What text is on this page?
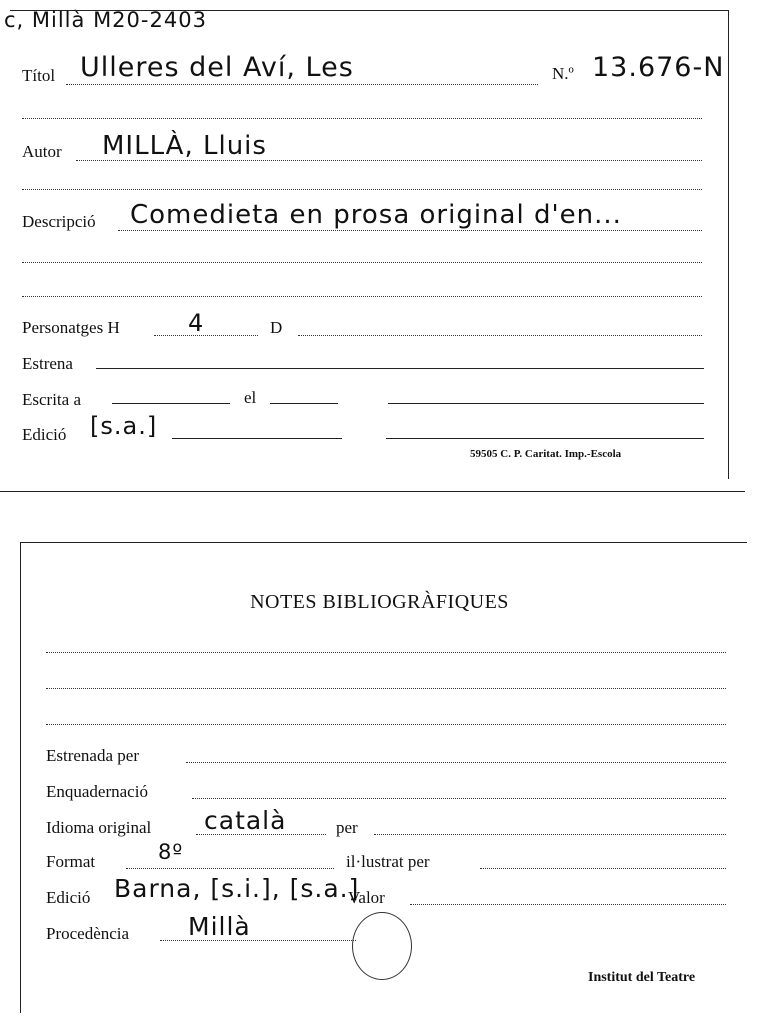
c, Millà M20-2403
Títol Ulleres del Aví, Les	N.º 13.676-N
Autor MILLÀ, Lluis
Descripció Comedieta en prosa original d'en...
Personatges H	4	D
Estrena
Escrita a	el
Edició [s.a.]
59505 C. P. Caritat. Imp.-Escola
NOTES BIBLIOGRÀFIQUES
Estrenada per
Enquadernació
Idioma original català	per
Format	8º	il·lustrat per
Edició Barna, [s.i.], [s.a.]
Valor
Procedència Millà
Institut del Teatre
